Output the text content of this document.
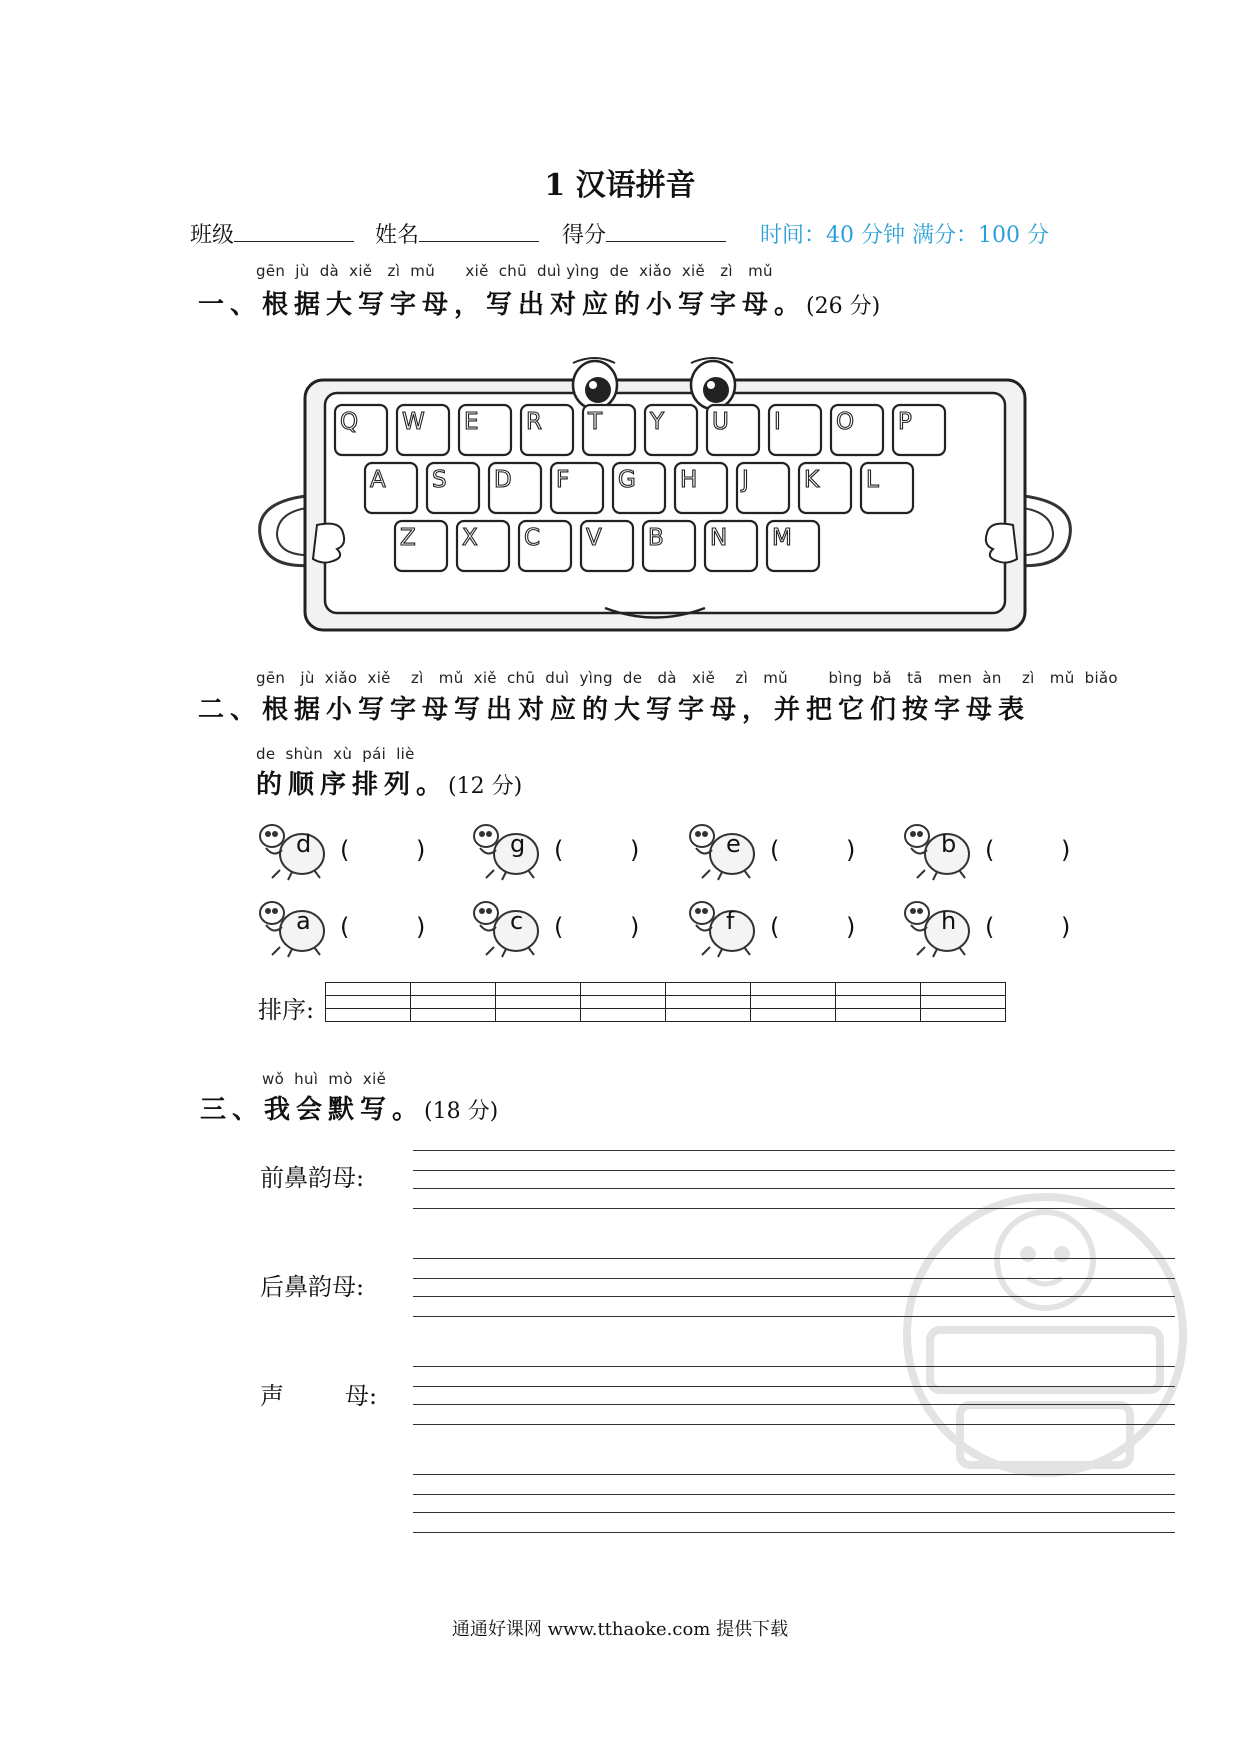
1 汉语拼音
班级	姓名	得分	时间：40 分钟 满分：100 分
gēn  jù  dà  xiě   zì  mǔ      xiě  chū  duì yìng  de  xiǎo  xiě   zì   mǔ
一、根据大写字母，写出对应的小写字母。(26 分)
Q W E R T Y U I O P
A S D F G H J K L
Z X C V B N M
gēn   jù  xiǎo  xiě    zì   mǔ  xiě  chū  duì  yìng  de   dà   xiě    zì   mǔ        bìng  bǎ   tā   men  àn    zì   mǔ  biǎo
二、根据小写字母写出对应的大写字母，并把它们按字母表
de  shùn  xù  pái  liè
的顺序排列。(12 分)
d (	)	g (	)	e (	)	b (	)
a (	)	c (	)	f (	)	h (	)
排序:

wǒ  huì  mò  xiě
三、我会默写。(18 分)
前鼻韵母:
后鼻韵母:
声        母:
通通好课网 www.tthaoke.com 提供下载
